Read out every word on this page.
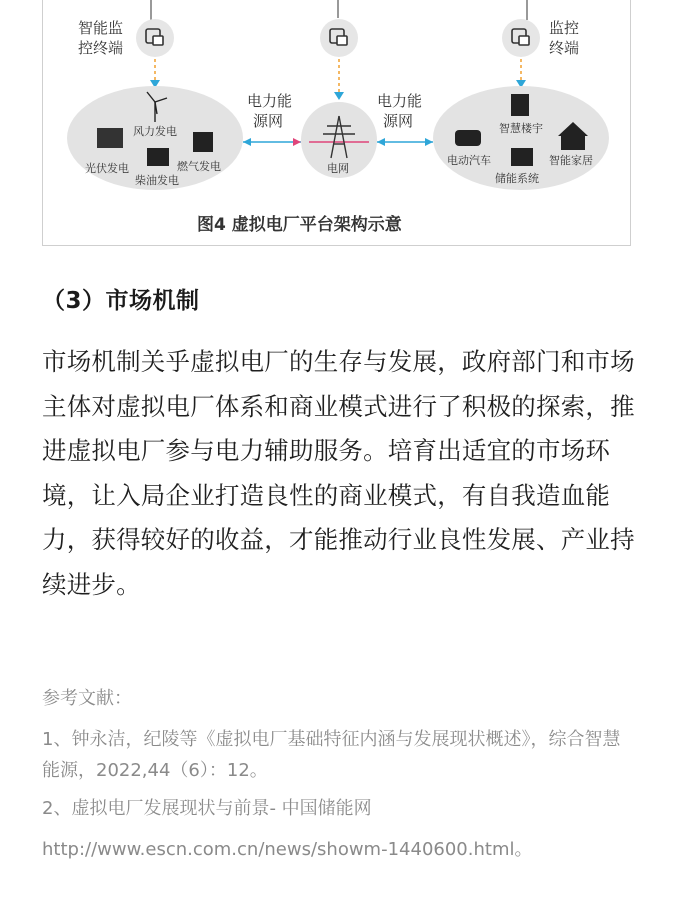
智能监 控终端
监控 终端
电力能源网
电力能源网
电网
风力发电 光伏发电	燃气发电 柴油发电
智慧楼宇 智能家居 电动汽车 储能系统
图4 虚拟电厂平台架构示意
（3）市场机制

市场机制关乎虚拟电厂的生存与发展，政府部门和市场主体对虚拟电厂体系和商业模式进行了积极的探索，推进虚拟电厂参与电力辅助服务。培育出适宜的市场环境，让入局企业打造良性的商业模式，有自我造血能力，获得较好的收益，才能推动行业良性发展、产业持续进步。

参考文献：
1、钟永洁，纪陵等《虚拟电厂基础特征内涵与发展现状概述》，综合智慧能源，2022,44（6）：12。
2、虚拟电厂发展现状与前景- 中国储能网
http://www.escn.com.cn/news/showm-1440600.html。
